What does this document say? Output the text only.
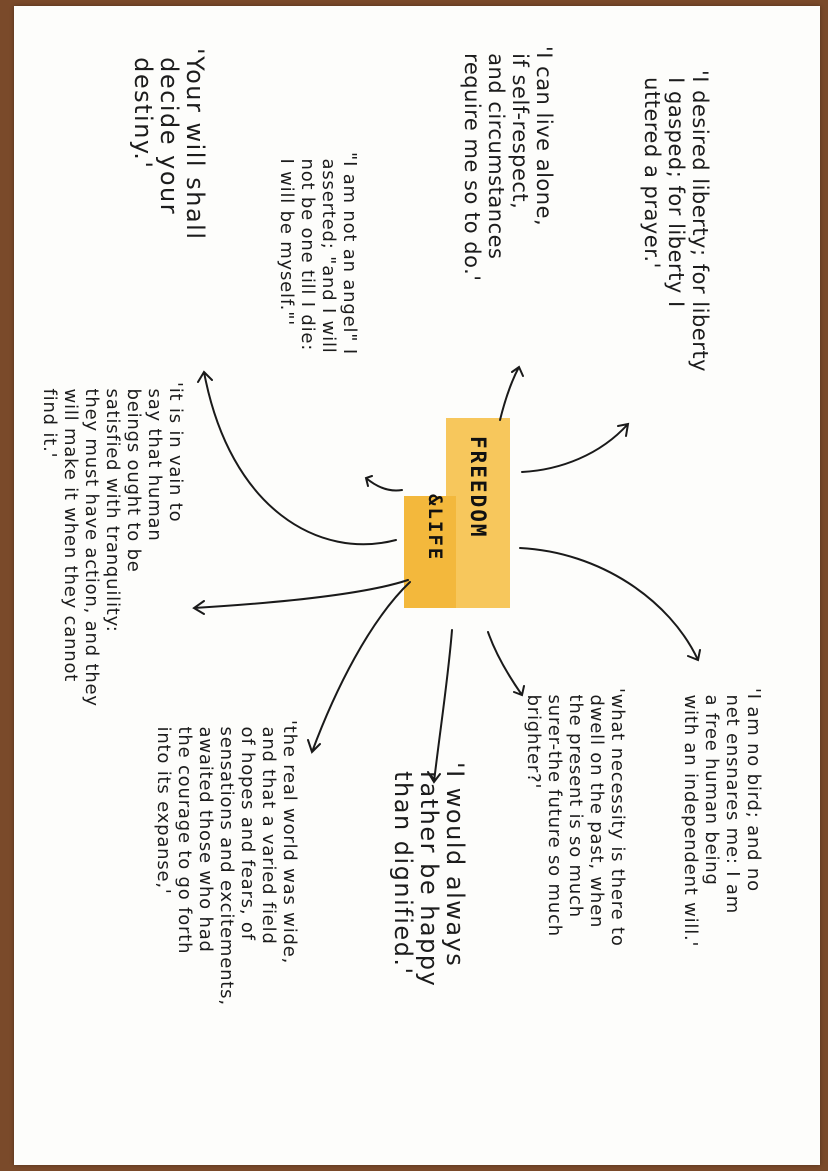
FREEDOM
&LIFE
'I desired liberty; for liberty
I gasped; for liberty I
uttered a prayer.'
'I can live alone,
if self-respect,
and circumstances
require me so to do.'
"I am not an angel" I
asserted; "and I will
not be one till I die:
I will be myself."'
'Your will shall
decide your
destiny.'
'it is in vain to
say that human
beings ought to be
satisfied with tranquility:
they must have action, and they
will make it when they cannot
find it.'
'the real world was wide,
and that a varied field
of hopes and fears, of
sensations and excitements,
awaited those who had
the courage to go forth
into its expanse,'
'I would always
rather be happy
than dignified.'
'what necessity is there to
dwell on the past, when
the present is so much
surer-the future so much
brighter?'
'I am no bird; and no
net ensnares me: I am
a free human being
with an independent will.'
